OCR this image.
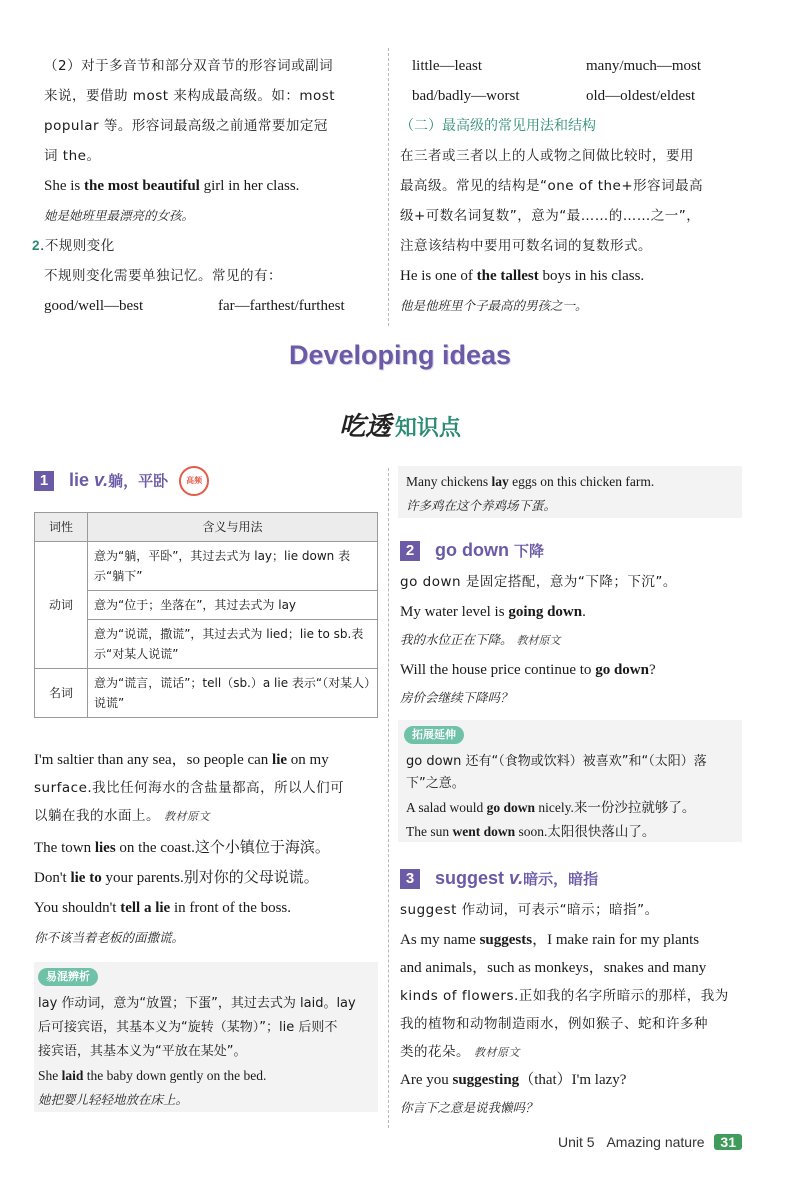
（2）对于多音节和部分双音节的形容词或副词
来说，要借助 most 来构成最高级。如：most
popular 等。形容词最高级之前通常要加定冠
词 the。
She is the most beautiful girl in her class.
她是她班里最漂亮的女孩。
2.不规则变化
不规则变化需要单独记忆。常见的有：
good/well—best	far—farthest/furthest
little—least	many/much—most
bad/badly—worst	old—oldest/eldest
（二）最高级的常见用法和结构
在三者或三者以上的人或物之间做比较时，要用
最高级。常见的结构是“one of the+形容词最高
级+可数名词复数”，意为“最……的……之一”，
注意该结构中要用可数名词的复数形式。
He is one of the tallest boys in his class.
他是他班里个子最高的男孩之一。
Developing ideas
吃透 知识点
1 lie v.躺，平卧 高频
词性	含义与用法
动词	意为“躺，平卧”，其过去式为 lay；lie down 表示“躺下”
	意为“位于；坐落在”，其过去式为 lay
	意为“说谎，撒谎”，其过去式为 lied；lie to sb.表示“对某人说谎”
名词	意为“谎言，谎话”；tell（sb.）a lie 表示“（对某人）说谎”
I'm saltier than any sea，so people can lie on my
surface.我比任何海水的含盐量都高，所以人们可
以躺在我的水面上。 教材原文
The town lies on the coast.这个小镇位于海滨。
Don't lie to your parents.别对你的父母说谎。
You shouldn't tell a lie in front of the boss.
你不该当着老板的面撒谎。
易混辨析
lay 作动词，意为“放置；下蛋”，其过去式为 laid。lay
后可接宾语，其基本义为“旋转（某物）”；lie 后则不
接宾语，其基本义为“平放在某处”。
She laid the baby down gently on the bed.
她把婴儿轻轻地放在床上。
Many chickens lay eggs on this chicken farm.
许多鸡在这个养鸡场下蛋。
2 go down 下降
go down 是固定搭配，意为“下降；下沉”。
My water level is going down.
我的水位正在下降。 教材原文
Will the house price continue to go down?
房价会继续下降吗？
拓展延伸
go down 还有“（食物或饮料）被喜欢”和“（太阳）落
下”之意。
A salad would go down nicely.来一份沙拉就够了。
The sun went down soon.太阳很快落山了。
3 suggest v.暗示，暗指
suggest 作动词，可表示“暗示；暗指”。
As my name suggests，I make rain for my plants
and animals，such as monkeys，snakes and many
kinds of flowers.正如我的名字所暗示的那样，我为
我的植物和动物制造雨水，例如猴子、蛇和许多种
类的花朵。 教材原文
Are you suggesting（that）I'm lazy?
你言下之意是说我懒吗？
Unit 5 Amazing nature 31
